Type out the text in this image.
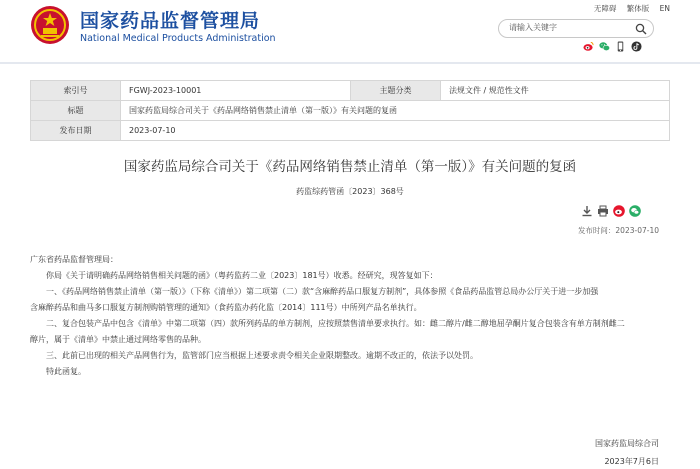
国家药品监督管理局
National Medical Products Administration
无障碍 繁体版 EN
请输入关键字
索引号	FGWJ-2023-10001	主题分类	法规文件 / 规范性文件
标题	国家药监局综合司关于《药品网络销售禁止清单（第一版）》有关问题的复函		
发布日期	2023-07-10		
国家药监局综合司关于《药品网络销售禁止清单（第一版）》有关问题的复函
药监综药管函〔2023〕368号
发布时间：2023-07-10

广东省药品监督管理局：

你局《关于请明确药品网络销售相关问题的函》（粤药监药二业〔2023〕181号）收悉。经研究，现答复如下：

一、《药品网络销售禁止清单（第一版）》（下称《清单》）第二项第（二）款“含麻醉药品口服复方制剂”，具体参照《食品药品监管总局办公厅关于进一步加强

含麻醉药品和曲马多口服复方制剂购销管理的通知》（食药监办药化监〔2014〕111号）中所列产品名单执行。

二、复合包装产品中包含《清单》中第二项第（四）款所列药品的单方制剂，应按照禁售清单要求执行。如：雌二醇片/雌二醇地屈孕酮片复合包装含有单方制剂雌二

醇片，属于《清单》中禁止通过网络零售的品种。

三、此前已出现的相关产品网售行为，监管部门应当根据上述要求责令相关企业限期整改。逾期不改正的，依法予以处罚。

特此函复。

国家药监局综合司
2023年7月6日
